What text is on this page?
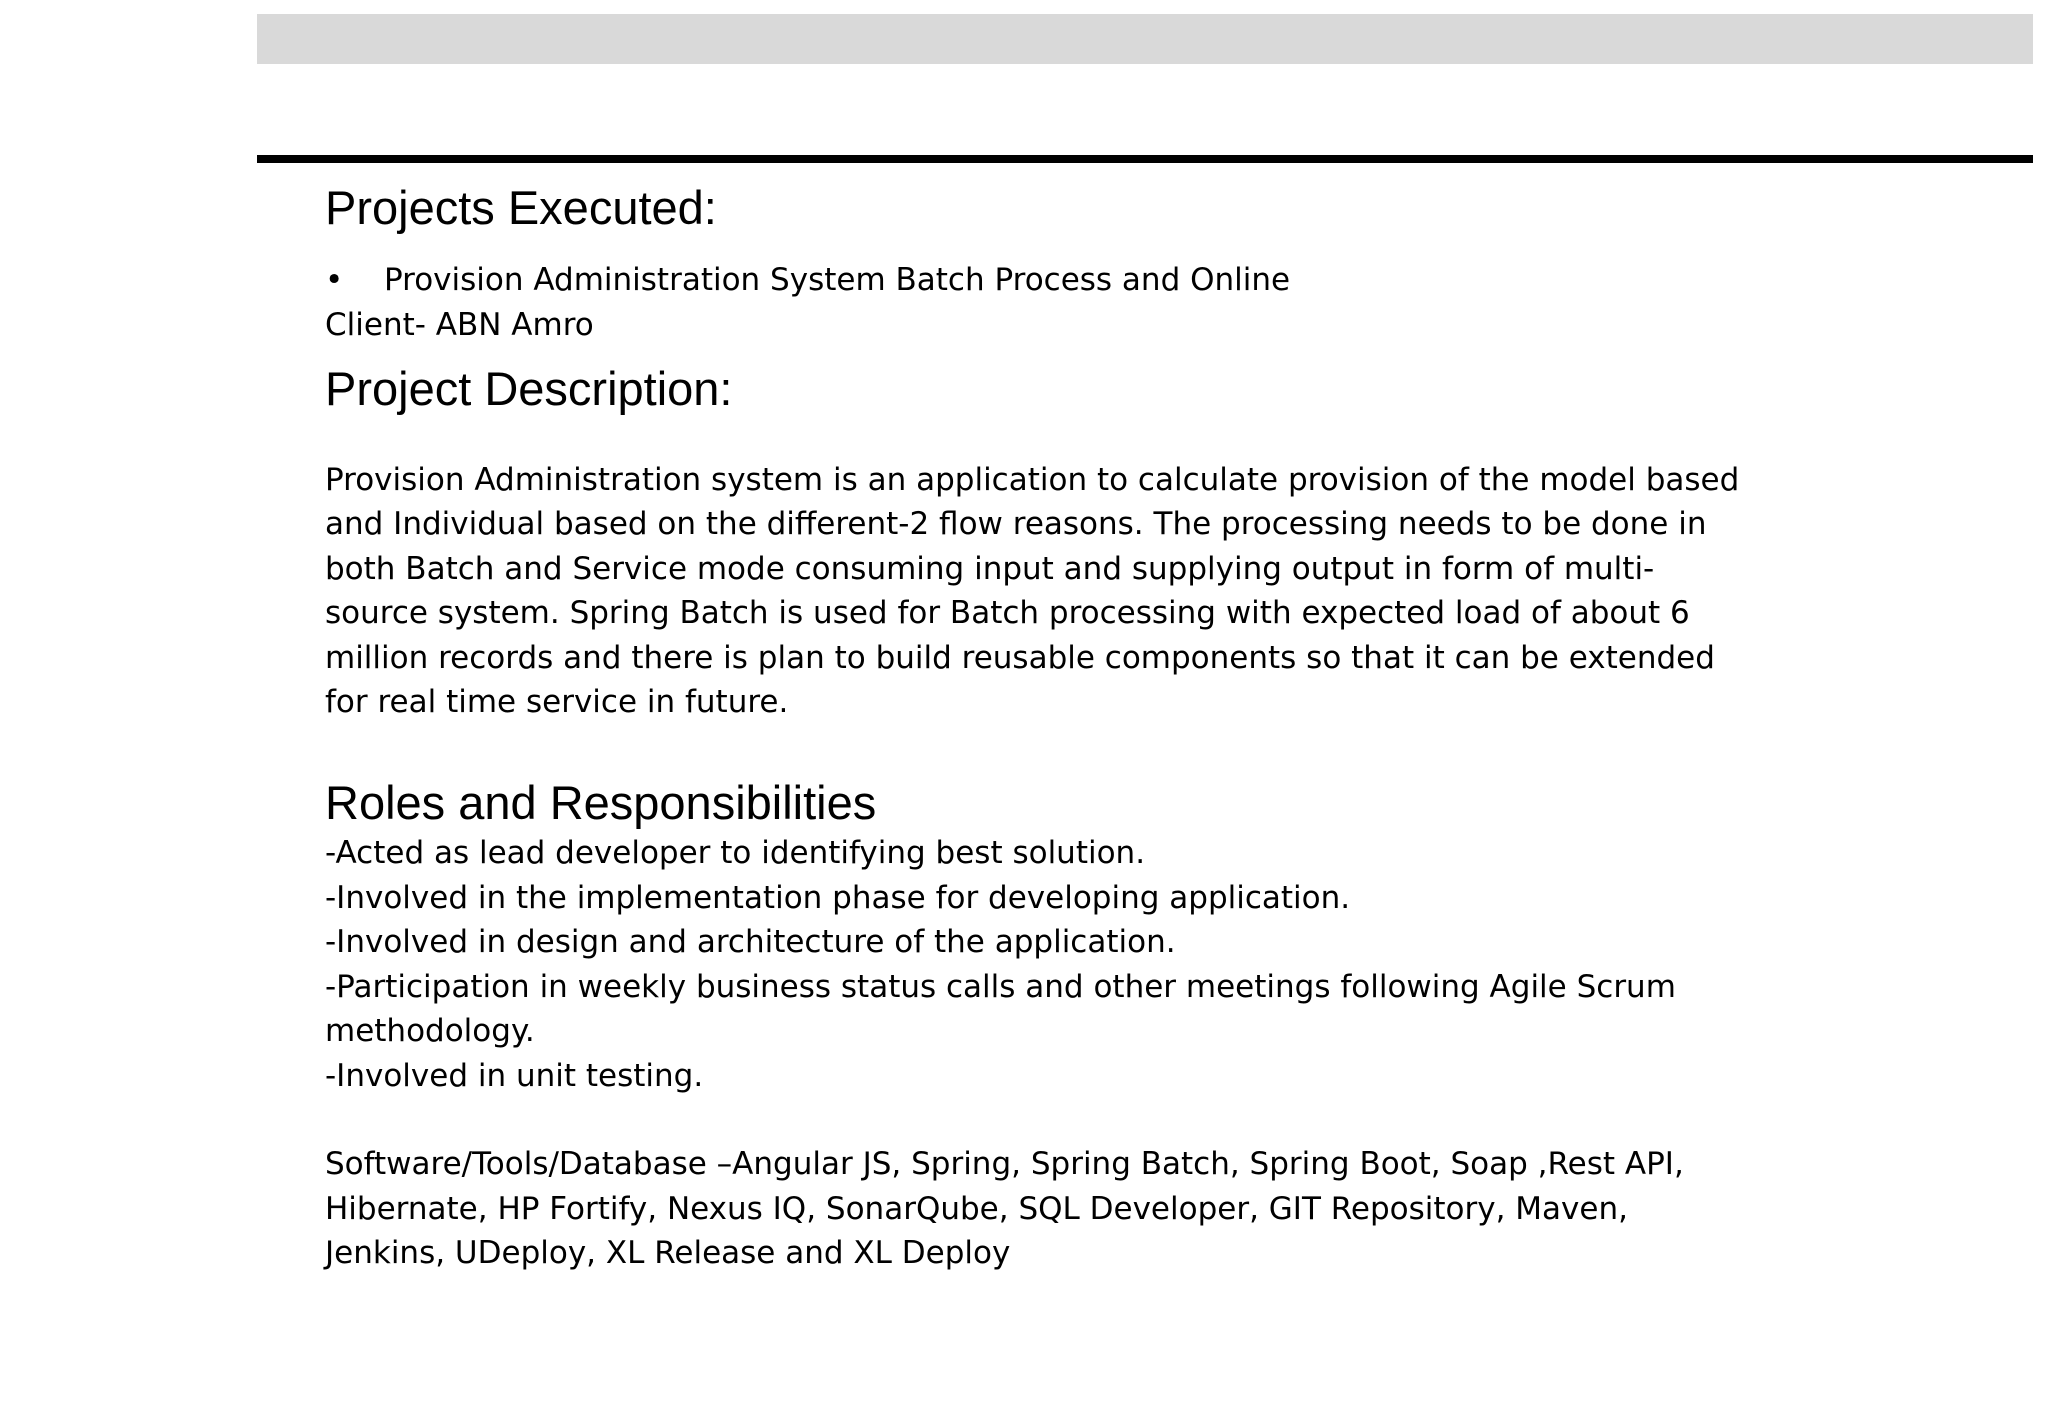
Projects Executed:
•	Provision Administration System Batch Process and Online
Client- ABN Amro
Project Description:
Provision Administration system is an application to calculate provision of the model based
and Individual based on the different-2 flow reasons. The processing needs to be done in
both Batch and Service mode consuming input and supplying output in form of multi-
source system. Spring Batch is used for Batch processing with expected load of about 6
million records and there is plan to build reusable components so that it can be extended
for real time service in future.
Roles and Responsibilities
-Acted as lead developer to identifying best solution.
-Involved in the implementation phase for developing application.
-Involved in design and architecture of the application.
-Participation in weekly business status calls and other meetings following Agile Scrum
methodology.
-Involved in unit testing.
Software/Tools/Database –Angular JS, Spring, Spring Batch, Spring Boot, Soap ,Rest API,
Hibernate, HP Fortify, Nexus IQ, SonarQube, SQL Developer, GIT Repository, Maven,
Jenkins, UDeploy, XL Release and XL Deploy
